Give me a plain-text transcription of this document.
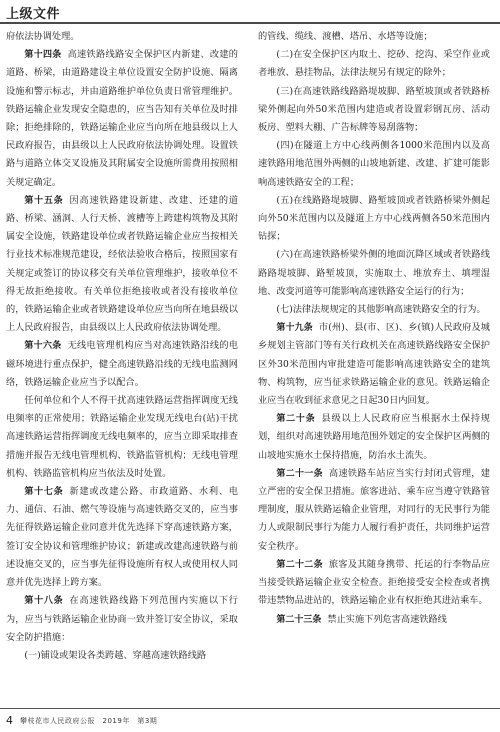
上级文件

府依法协调处理。

第十四条 高速铁路线路安全保护区内新建、改建的道路、桥梁，由道路建设主单位设置安全防护设施、隔离设施和警示标志，并由道路维护单位负责日常管理维护。铁路运输企业发现安全隐患的，应当告知有关单位及时排除；拒绝排除的，铁路运输企业应当向所在地县级以上人民政府报告，由县级以上人民政府依法协调处理。设置铁路与道路立体交叉设施及其附属安全设施所需费用按照相关规定确定。

第十五条 因高速铁路建设新建、改建、还建的道路、桥梁、涵洞、人行天桥、渡槽等上跨建构筑物及其附属安全设施，铁路建设单位或者铁路运输企业应当按相关行业技术标准规范建设，经依法验收合格后，按照国家有关规定或签订的协议移交有关单位管理维护，接收单位不得无故拒绝接收。有关单位拒绝接收或者没有接收单位的，铁路运输企业或者铁路建设单位应当向所在地县级以上人民政府报告，由县级以上人民政府依法协调处理。

第十六条 无线电管理机构应当对高速铁路沿线的电磁环境进行重点保护，健全高速铁路沿线的无线电监测网络，铁路运输企业应当予以配合。

任何单位和个人不得干扰高速铁路运营指挥调度无线电频率的正常使用；铁路运输企业发现无线电台(站)干扰高速铁路运营指挥调度无线电频率的，应当立即采取排查措施并报告无线电管理机构、铁路监管机构；无线电管理机构、铁路监管机构应当依法及时处置。

第十七条 新建或改建公路、市政道路、水利、电力、通信、石油、燃气等设施与高速铁路交叉的，应当事先征得铁路运输企业同意并优先选择下穿高速铁路方案，签订安全协议和管理维护协议；新建或改建高速铁路与前述设施交叉的，应当事先征得设施所有权人或使用权人同意并优先选择上跨方案。

第十八条 在高速铁路线路下列范围内实施以下行为，应当与铁路运输企业协商一致并签订安全协议，采取安全防护措施：

(一)铺设或架设各类跨越、穿越高速铁路线路

的管线、缆线、渡槽、塔吊、水塔等设施；

(二)在安全保护区内取土、挖砂、挖沟、采空作业或者堆放、悬挂物品，法律法规另有规定的除外；

(三)在高速铁路线路路堤坡脚、路堑坡顶或者铁路桥梁外侧起向外50米范围内建造或者设置彩钢瓦房、活动板房、塑料大棚、广告标牌等易刮落物；

(四)在隧道上方中心线两侧各1000米范围内以及高速铁路用地范围外两侧的山坡地新建、改建、扩建可能影响高速铁路安全的工程；

(五)在线路路堤坡脚、路堑坡顶或者铁路桥梁外侧起向外50米范围内以及隧道上方中心线两侧各50米范围内钻探；

(六)在高速铁路桥梁外侧的地面沉降区域或者铁路线路路堤坡脚、路堑坡顶，实施取土、堆放弃土、填埋湿地、改变河道等可能影响高速铁路安全运行的行为；

(七)法律法规规定的其他影响高速铁路安全的行为。

第十九条 市(州)、县(市、区)、乡(镇)人民政府及城乡规划主管部门等有关行政机关在高速铁路线路安全保护区外30米范围内审批建造可能影响高速铁路安全的建筑物、构筑物，应当征求铁路运输企业的意见。铁路运输企业应当在收到征求意见之日起30日内回复。

第二十条 县级以上人民政府应当根据水土保持规划，组织对高速铁路用地范围外划定的安全保护区两侧的山坡地实施水土保持措施，防治水土流失。

第二十一条 高速铁路车站应当实行封闭式管理，建立严密的安全保卫措施。旅客进站、乘车应当遵守铁路管理制度，服从铁路运输企业管理，对同行的无民事行为能力人或限制民事行为能力人履行看护责任，共同维护运营安全秩序。

第二十二条 旅客及其随身携带、托运的行李物品应当接受铁路运输企业安全检查。拒绝接受安全检查或者携带违禁物品进站的，铁路运输企业有权拒绝其进站乘车。

第二十三条 禁止实施下列危害高速铁路线

4 攀枝花市人民政府公报　2019年　第3期
